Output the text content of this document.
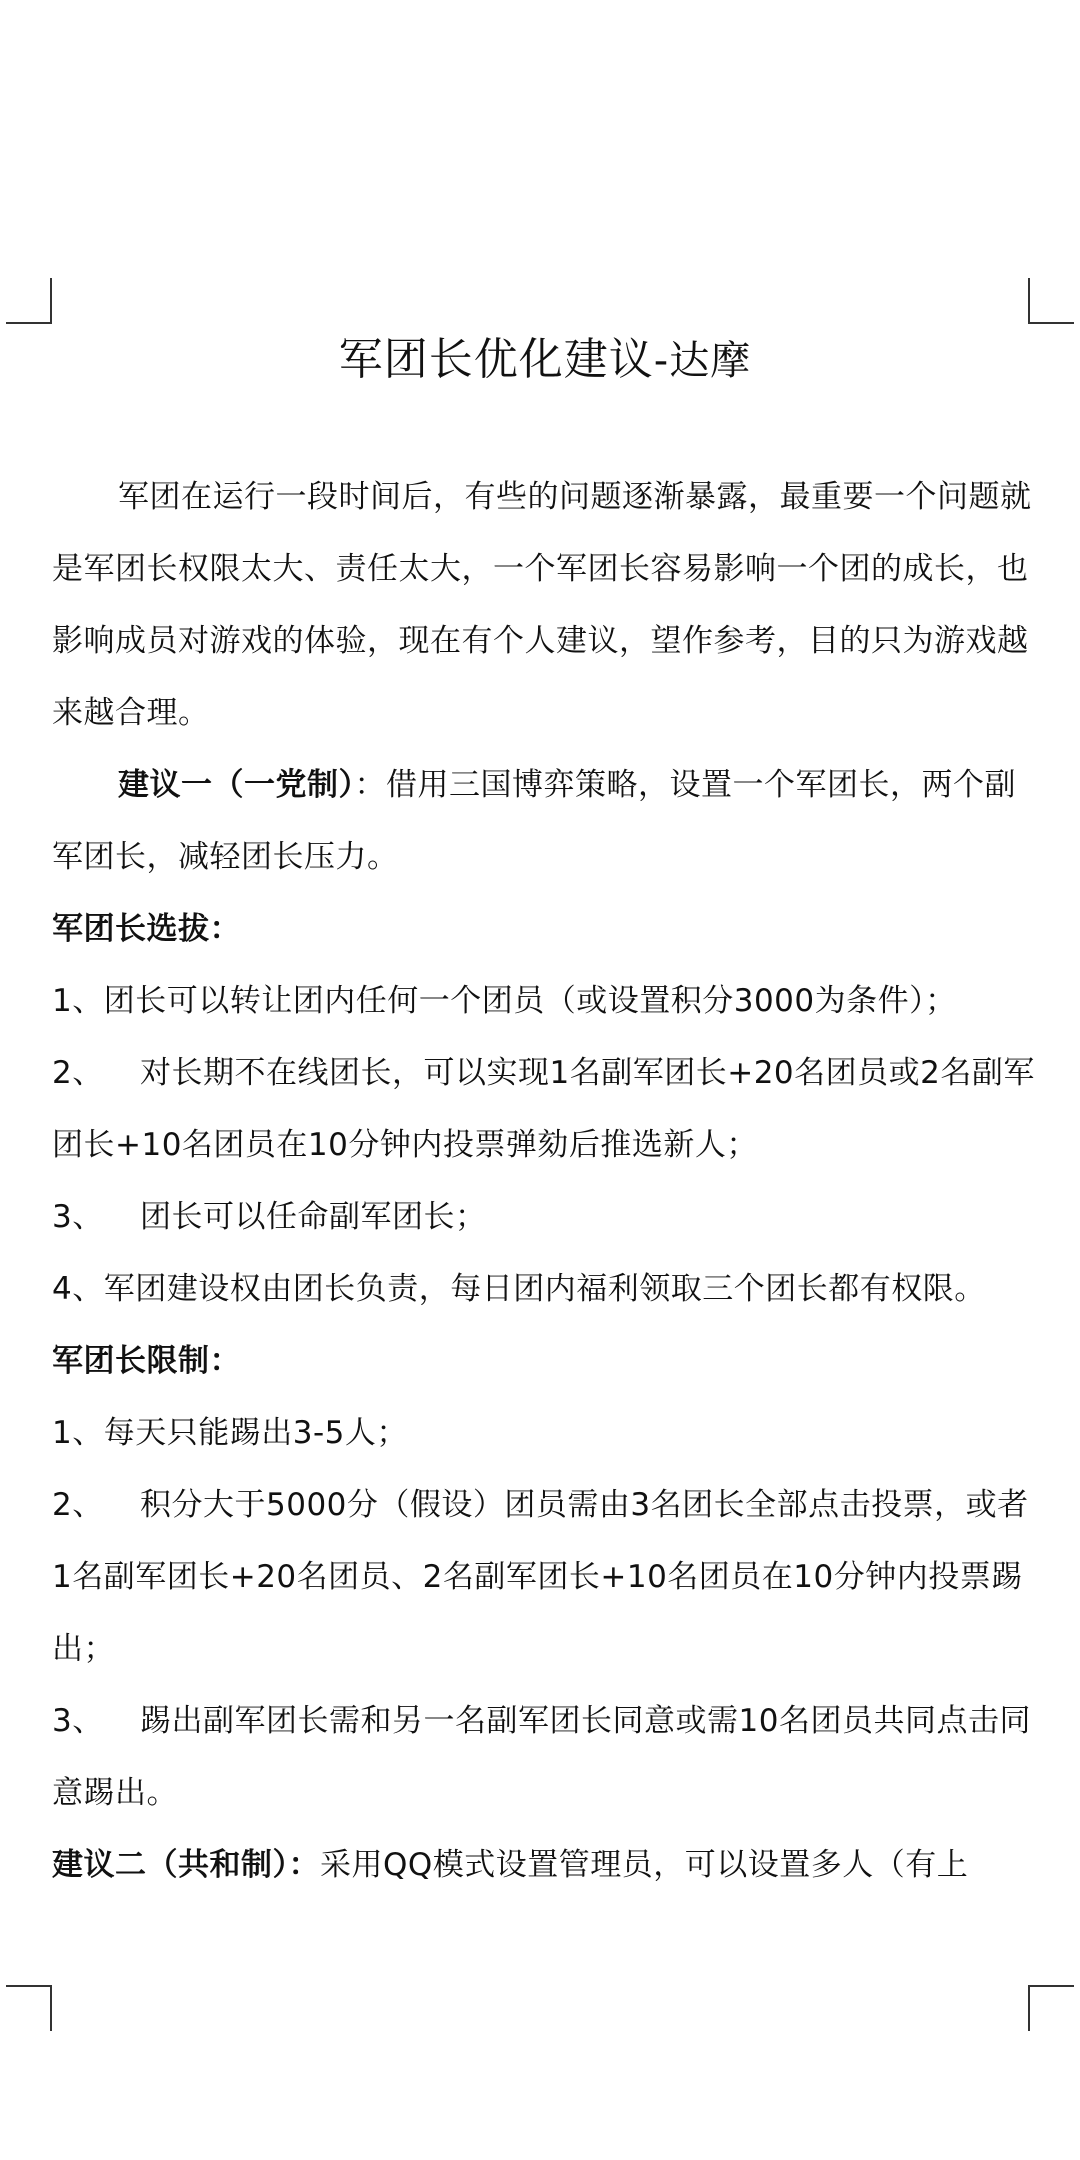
军团长优化建议-达摩

军团在运行一段时间后，有些的问题逐渐暴露，最重要一个问题就是军团长权限太大、责任太大，一个军团长容易影响一个团的成长，也影响成员对游戏的体验，现在有个人建议，望作参考，目的只为游戏越来越合理。

建议一（一党制）：借用三国博弈策略，设置一个军团长，两个副军团长，减轻团长压力。

军团长选拔：

1、团长可以转让团内任何一个团员（或设置积分3000为条件）；

2、 对长期不在线团长，可以实现1名副军团长+20名团员或2名副军团长+10名团员在10分钟内投票弹劾后推选新人；

3、 团长可以任命副军团长；

4、军团建设权由团长负责，每日团内福利领取三个团长都有权限。

军团长限制：

1、每天只能踢出3-5人；

2、 积分大于5000分（假设）团员需由3名团长全部点击投票，或者1名副军团长+20名团员、2名副军团长+10名团员在10分钟内投票踢出；

3、 踢出副军团长需和另一名副军团长同意或需10名团员共同点击同意踢出。

建议二（共和制）：采用QQ模式设置管理员，可以设置多人（有上
